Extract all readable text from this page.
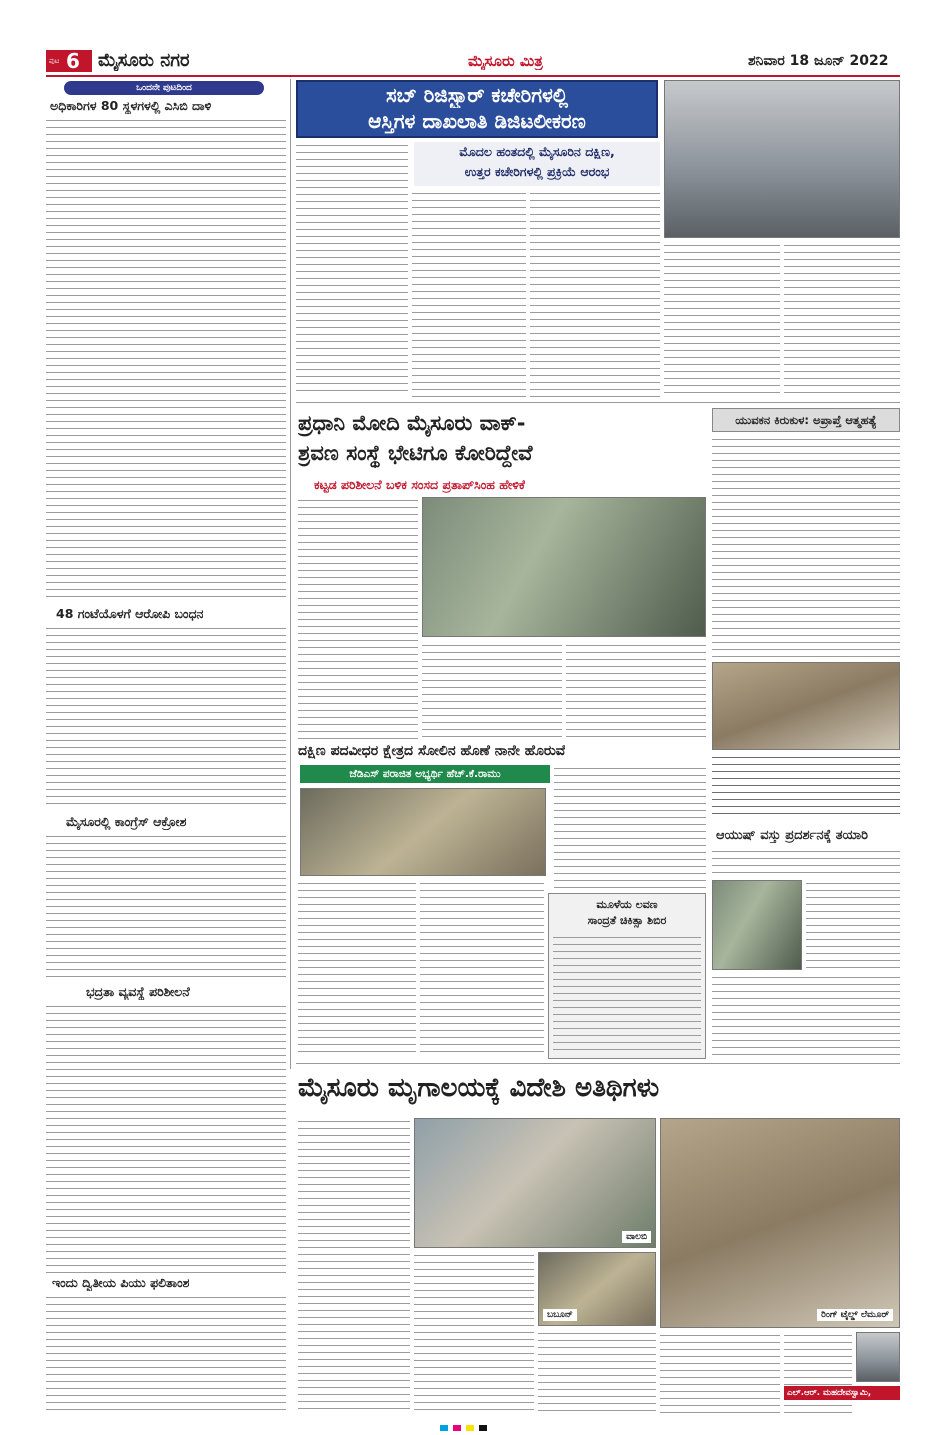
ಪುಟ 6 ಮೈಸೂರು ನಗರ	ಮೈಸೂರು ಮಿತ್ರ	ಶನಿವಾರ 18 ಜೂನ್ 2022
ಒಂದನೇ ಪುಟದಿಂದ
ಅಧಿಕಾರಿಗಳ 80 ಸ್ಥಳಗಳಲ್ಲಿ ಎಸಿಬಿ ದಾಳಿ
48 ಗಂಟೆಯೊಳಗೆ ಆರೋಪಿ ಬಂಧನ
ಮೈಸೂರಲ್ಲಿ ಕಾಂಗ್ರೆಸ್ ಆಕ್ರೋಶ
ಭದ್ರತಾ ವ್ಯವಸ್ಥೆ ಪರಿಶೀಲನೆ
ಇಂದು ದ್ವಿತೀಯ ಪಿಯು ಫಲಿತಾಂಶ
ಸಬ್ ರಿಜಿಸ್ಟ್ರಾರ್ ಕಚೇರಿಗಳಲ್ಲಿ
ಆಸ್ತಿಗಳ ದಾಖಲಾತಿ ಡಿಜಿಟಲೀಕರಣ
ಮೊದಲ ಹಂತದಲ್ಲಿ ಮೈಸೂರಿನ ದಕ್ಷಿಣ,
ಉತ್ತರ ಕಚೇರಿಗಳಲ್ಲಿ ಪ್ರಕ್ರಿಯೆ ಆರಂಭ
ಪ್ರಧಾನಿ ಮೋದಿ ಮೈಸೂರು ವಾಕ್-
ಶ್ರವಣ ಸಂಸ್ಥೆ ಭೇಟಿಗೂ ಕೋರಿದ್ದೇವೆ
ಕಟ್ಟಡ ಪರಿಶೀಲನೆ ಬಳಿಕ ಸಂಸದ ಪ್ರತಾಪ್‌ಸಿಂಹ ಹೇಳಿಕೆ
ಯುವಕನ ಕಿರುಕುಳ: ಅಪ್ರಾಪ್ತೆ ಆತ್ಮಹತ್ಯೆ
ದಕ್ಷಿಣ ಪದವೀಧರ ಕ್ಷೇತ್ರದ ಸೋಲಿನ ಹೊಣೆ ನಾನೇ ಹೊರುವೆ
ಜೆಡಿಎಸ್ ಪರಾಜಿತ ಅಭ್ಯರ್ಥಿ ಹೆಚ್.ಕೆ.ರಾಮು
ಮೂಳೆಯ ಲವಣ
ಸಾಂದ್ರತೆ ಚಿಕಿತ್ಸಾ ಶಿಬಿರ
ಆಯುಷ್ ವಸ್ತು ಪ್ರದರ್ಶನಕ್ಕೆ ತಯಾರಿ
ಮೈಸೂರು ಮೃಗಾಲಯಕ್ಕೆ ವಿದೇಶಿ ಅತಿಥಿಗಳು
ವಾಲಬಿ
ರಿಂಗ್ ಟೈಲ್ಡ್ ಲೆಮೂರ್
ಬಬೂನ್
ಎಲ್.ಆರ್. ಮಹದೇವಸ್ವಾಮಿ,
